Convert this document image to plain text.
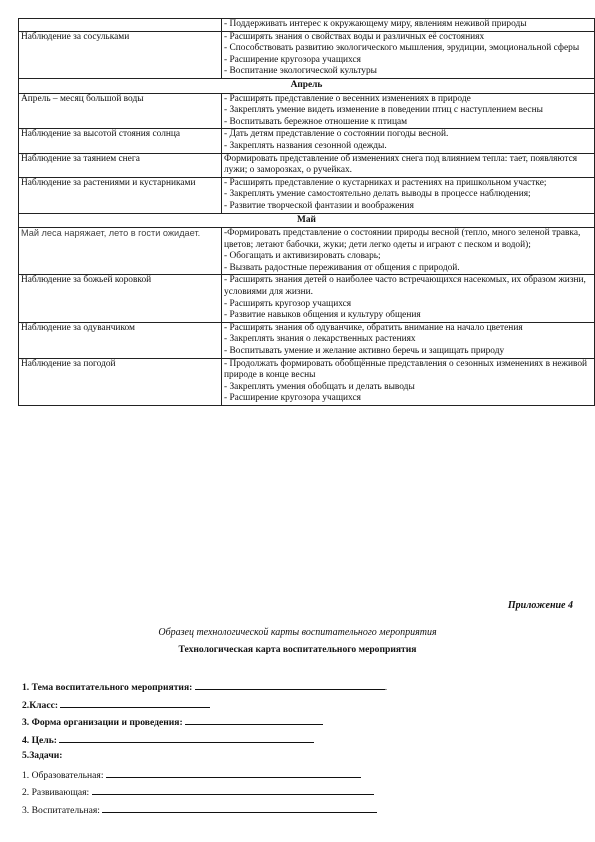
	- Поддерживать интерес к окружающему миру, явлениям неживой природы

Наблюдение за сосульками	- Расширять знания о свойствах воды и различных её состояниях
- Способствовать развитию экологического мышления, эрудиции, эмоциональной сферы
- Расширение кругозора учащихся
- Воспитание экологической культуры

Апрель	
Апрель – месяц большой воды	- Расширять представление о весенних изменениях в природе
- Закреплять умение видеть изменение в поведении птиц с наступлением весны
- Воспитывать бережное отношение к птицам

Наблюдение за высотой стояния солнца	- Дать детям представление о состоянии погоды весной.
- Закреплять названия сезонной одежды.

Наблюдение за таянием снега	Формировать представление об изменениях снега под влиянием тепла: тает, появляются лужи; о заморозках, о ручейках.

Наблюдение за растениями и кустарниками	- Расширять представление о кустарниках и растениях на пришкольном участке;
- Закреплять умение самостоятельно делать выводы в процессе наблюдения;
- Развитие творческой фантазии и воображения

Май	
Май леса наряжает, лето в гости ожидает.	-Формировать представление о состоянии природы весной (тепло, много зеленой травка, цветов; летают бабочки, жуки; дети легко одеты и играют с песком и водой);
- Обогащать и активизировать словарь;
- Вызвать радостные переживания от общения с природой.

Наблюдение за божьей коровкой	- Расширять знания детей о наиболее часто встречающихся насекомых, их образом жизни, условиями для жизни.
- Расширять кругозор учащихся
- Развитие навыков общения и культуру общения

Наблюдение за одуванчиком	- Расширять знания об одуванчике, обратить внимание на начало цветения
- Закреплять знания о лекарственных растениях
- Воспитывать умение и желание активно беречь и защищать природу

Наблюдение за погодой	- Продолжать формировать обобщённые представления о сезонных изменениях в неживой природе в конце весны
- Закреплять умения обобщать и делать выводы
- Расширение кругозора учащихся
Приложение 4
Образец технологической карты воспитательного мероприятия
Технологическая карта воспитательного мероприятия
1. Тема воспитательного мероприятия:	.
2.Класс:
3. Форма организации и проведения:
4. Цель:
5.Задачи:
1. Образовательная:
2. Развивающая:
3. Воспитательная:
